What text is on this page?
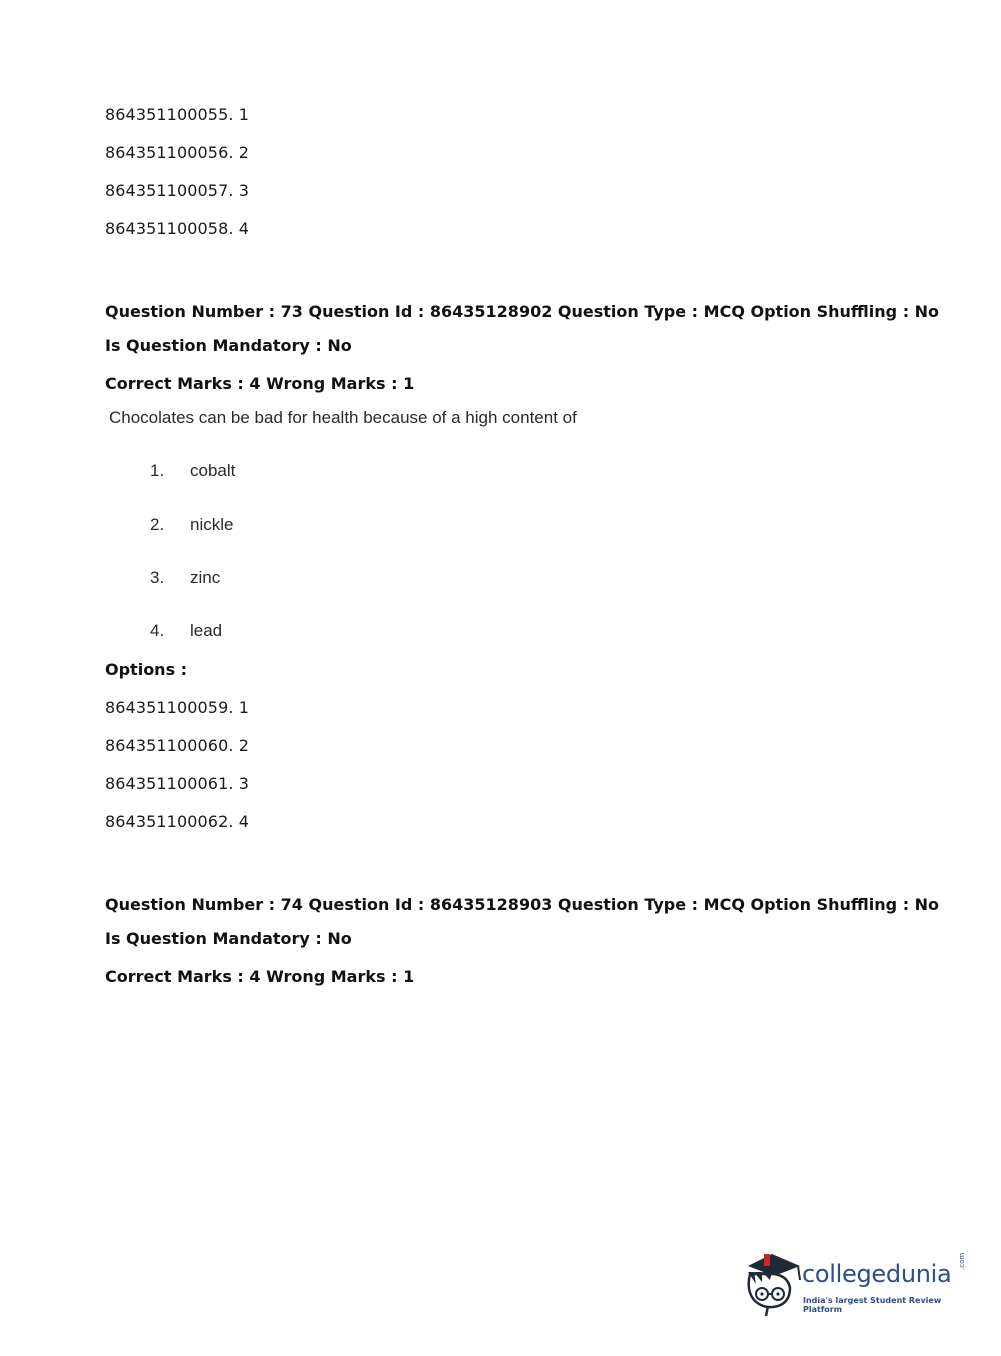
864351100055. 1
864351100056. 2
864351100057. 3
864351100058. 4
Question Number : 73 Question Id : 86435128902 Question Type : MCQ Option Shuffling : No
Is Question Mandatory : No
Correct Marks : 4 Wrong Marks : 1
Chocolates can be bad for health because of a high content of
1. cobalt
2. nickle
3. zinc
4. lead
Options :
864351100059. 1
864351100060. 2
864351100061. 3
864351100062. 4
Question Number : 74 Question Id : 86435128903 Question Type : MCQ Option Shuffling : No
Is Question Mandatory : No
Correct Marks : 4 Wrong Marks : 1
collegedunia .com
India's largest Student Review Platform
